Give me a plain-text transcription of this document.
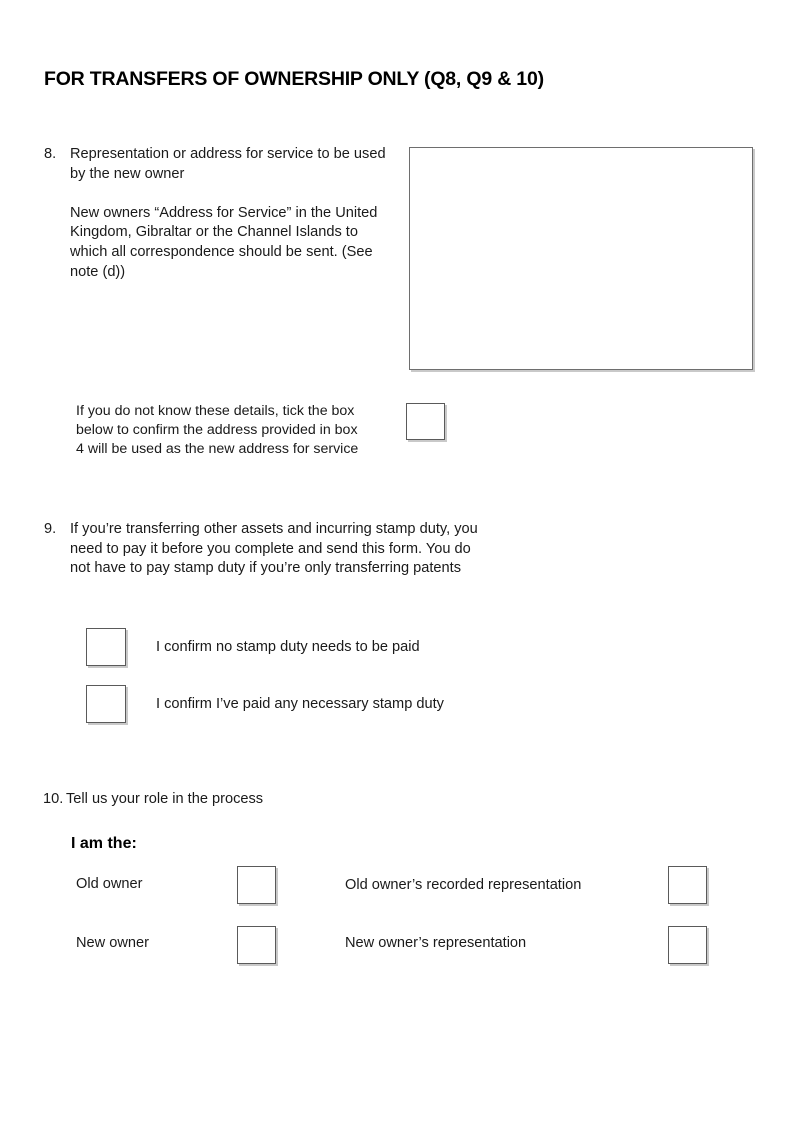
FOR TRANSFERS OF OWNERSHIP ONLY (Q8, Q9 & 10)
8. Representation or address for service to be used by the new owner

New owners “Address for Service” in the United Kingdom, Gibraltar or the Channel Islands to which all correspondence should be sent. (See note (d))

If you do not know these details, tick the box below to confirm the address provided in box 4 will be used as the new address for service
9. If you’re transferring other assets and incurring stamp duty, you need to pay it before you complete and send this form. You do not have to pay stamp duty if you’re only transferring patents

I confirm no stamp duty needs to be paid
I confirm I’ve paid any necessary stamp duty
10. Tell us your role in the process

I am the:
Old owner	Old owner’s recorded representation
New owner	New owner’s representation
